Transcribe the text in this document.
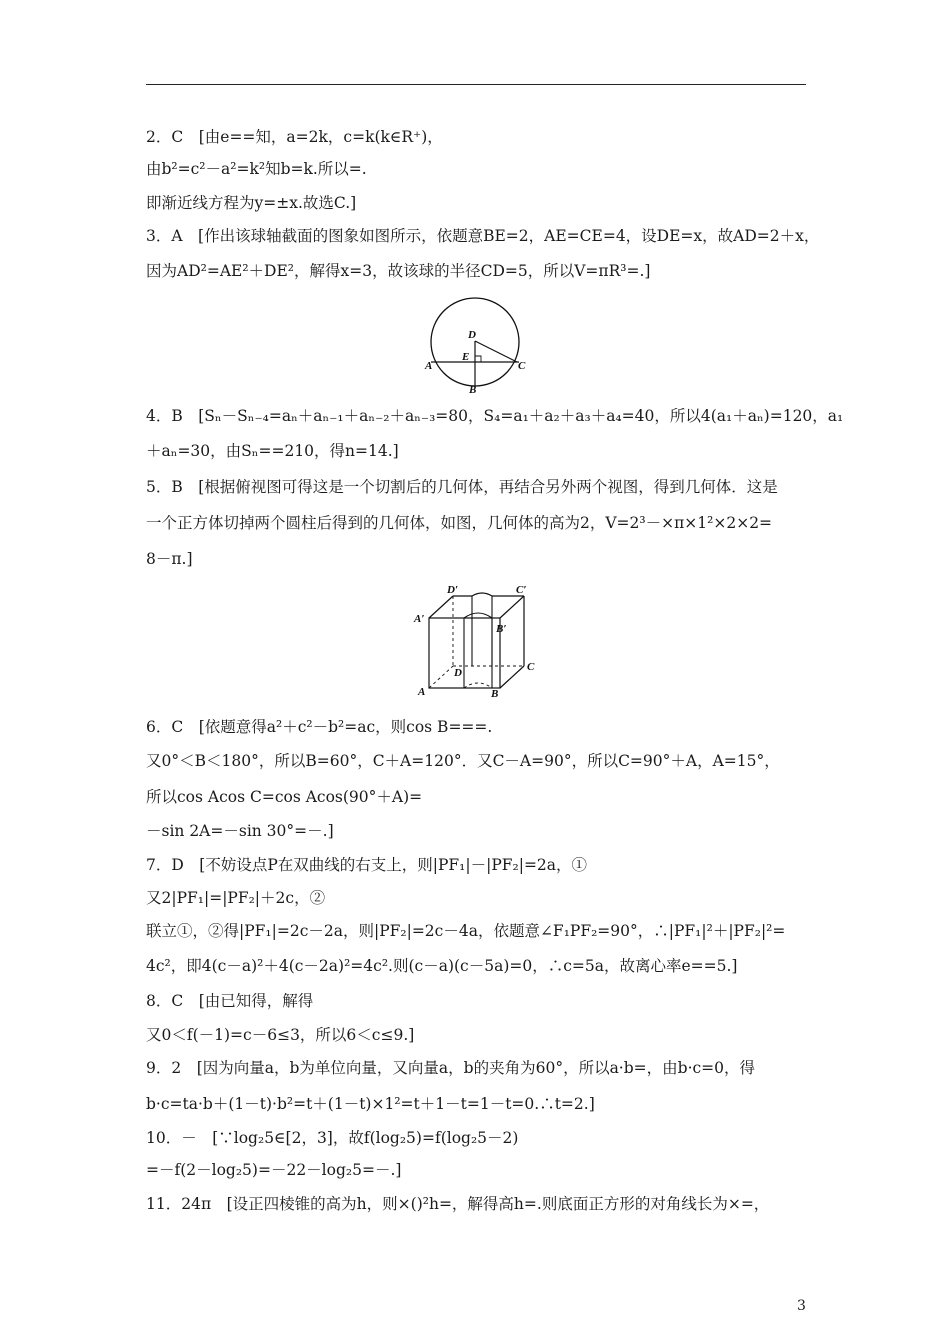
2．C　[由e==知，a=2k，c=k(k∈R⁺)，
由b²=c²－a²=k²知b=k.所以=.
即渐近线方程为y=±x.故选C.]
3．A　[作出该球轴截面的图象如图所示，依题意BE=2，AE=CE=4，设DE=x，故AD=2＋x，
因为AD²=AE²＋DE²，解得x=3，故该球的半径CD=5，所以V=πR³=.]
D
E
A
B
C
4．B　[Sₙ－Sₙ₋₄=aₙ＋aₙ₋₁＋aₙ₋₂＋aₙ₋₃=80，S₄=a₁＋a₂＋a₃＋a₄=40，所以4(a₁＋aₙ)=120，a₁
＋aₙ=30，由Sₙ==210，得n=14.]
5．B　[根据俯视图可得这是一个切割后的几何体，再结合另外两个视图，得到几何体．这是
一个正方体切掉两个圆柱后得到的几何体，如图，几何体的高为2，V=2³－×π×1²×2×2=
8－π.]
D′	C′
A′
B′
D	C
A	B
6．C　[依题意得a²＋c²－b²=ac，则cos B===.
又0°＜B＜180°，所以B=60°，C＋A=120°．又C－A=90°，所以C=90°＋A，A=15°，
所以cos Acos C=cos Acos(90°＋A)=
－sin 2A=－sin 30°=－.]
7．D　[不妨设点P在双曲线的右支上，则|PF₁|－|PF₂|=2a，①
又2|PF₁|=|PF₂|＋2c，②
联立①，②得|PF₁|=2c－2a，则|PF₂|=2c－4a，依题意∠F₁PF₂=90°，∴|PF₁|²＋|PF₂|²=
4c²，即4(c－a)²＋4(c－2a)²=4c².则(c－a)(c－5a)=0，∴c=5a，故离心率e==5.]
8．C　[由已知得，解得
又0＜f(－1)=c－6≤3，所以6＜c≤9.]
9．2　[因为向量a，b为单位向量，又向量a，b的夹角为60°，所以a·b=，由b·c=0，得
b·c=ta·b＋(1－t)·b²=t＋(1－t)×1²=t＋1－t=1－t=0.∴t=2.]
10．－　[∵log₂5∈[2，3]，故f(log₂5)=f(log₂5－2)
=－f(2－log₂5)=－22－log₂5=－.]
11．24π　[设正四棱锥的高为h，则×()²h=，解得高h=.则底面正方形的对角线长为×=，
3
